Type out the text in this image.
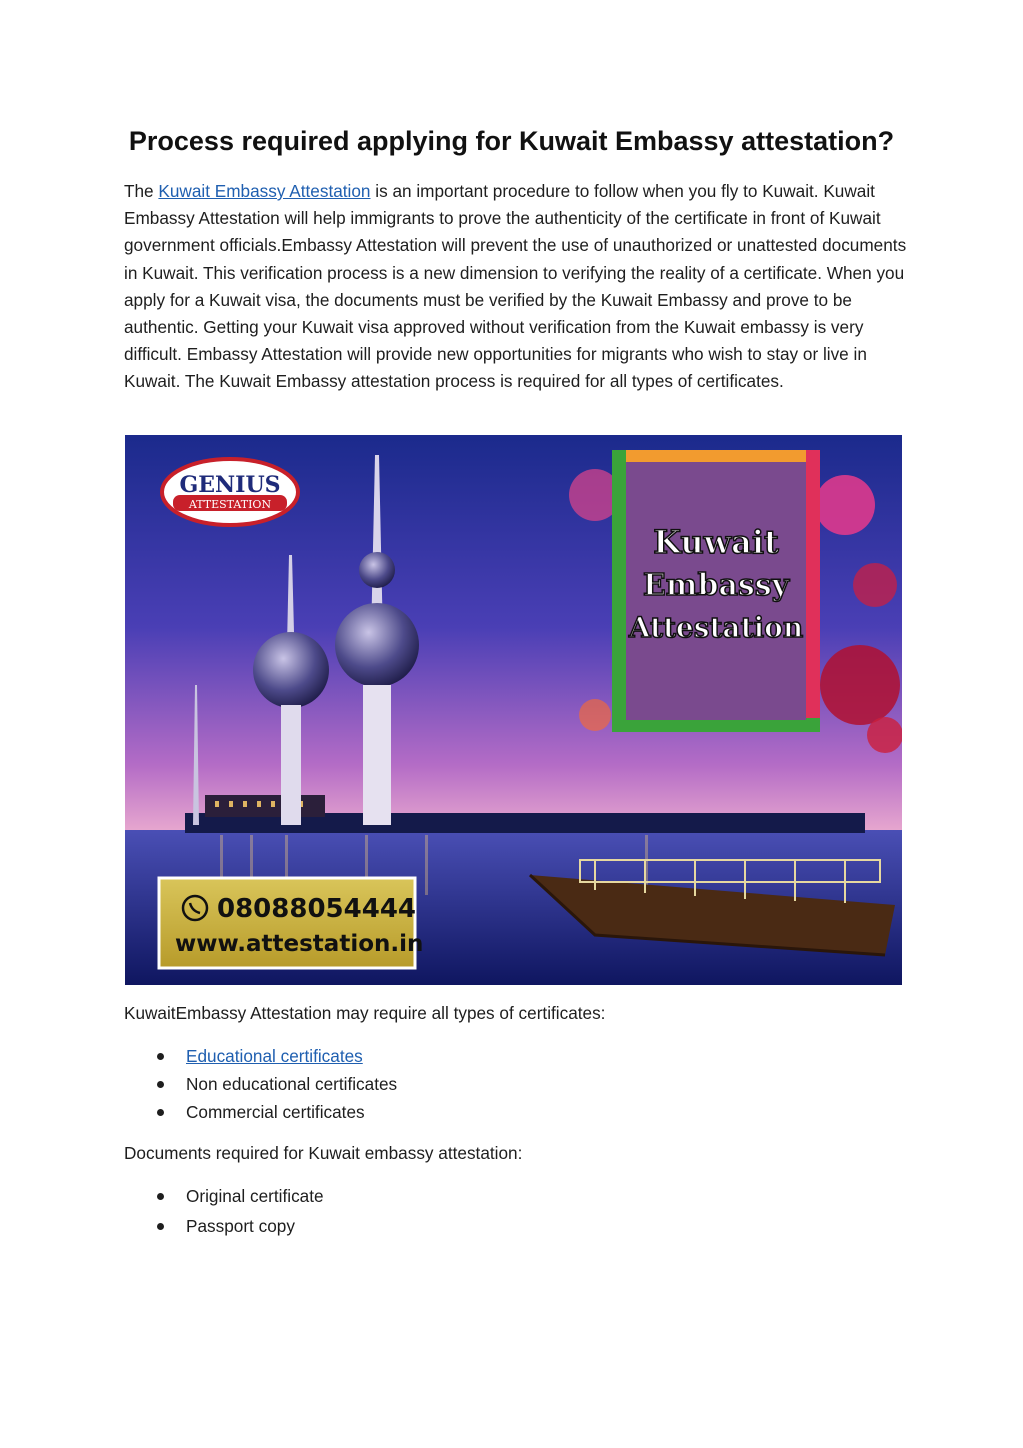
Process required applying for Kuwait Embassy attestation?

The Kuwait Embassy Attestation is an important procedure to follow when you fly to Kuwait. Kuwait Embassy Attestation will help immigrants to prove the authenticity of the certificate in front of Kuwait government officials.Embassy Attestation will prevent the use of unauthorized or unattested documents in Kuwait. This verification process is a new dimension to verifying the reality of a certificate. When you apply for a Kuwait visa, the documents must be verified by the Kuwait Embassy and prove to be authentic. Getting your Kuwait visa approved without verification from the Kuwait embassy is very difficult. Embassy Attestation will provide new opportunities for migrants who wish to stay or live in Kuwait. The Kuwait Embassy attestation process is required for all types of certificates.

GENIUS
ATTESTATION
Kuwait
Embassy
Attestation
08088054444
www.attestation.in

KuwaitEmbassy Attestation may require all types of certificates:

Educational certificates
Non educational certificates
Commercial certificates

Documents required for Kuwait embassy attestation:

Original certificate
Passport copy
